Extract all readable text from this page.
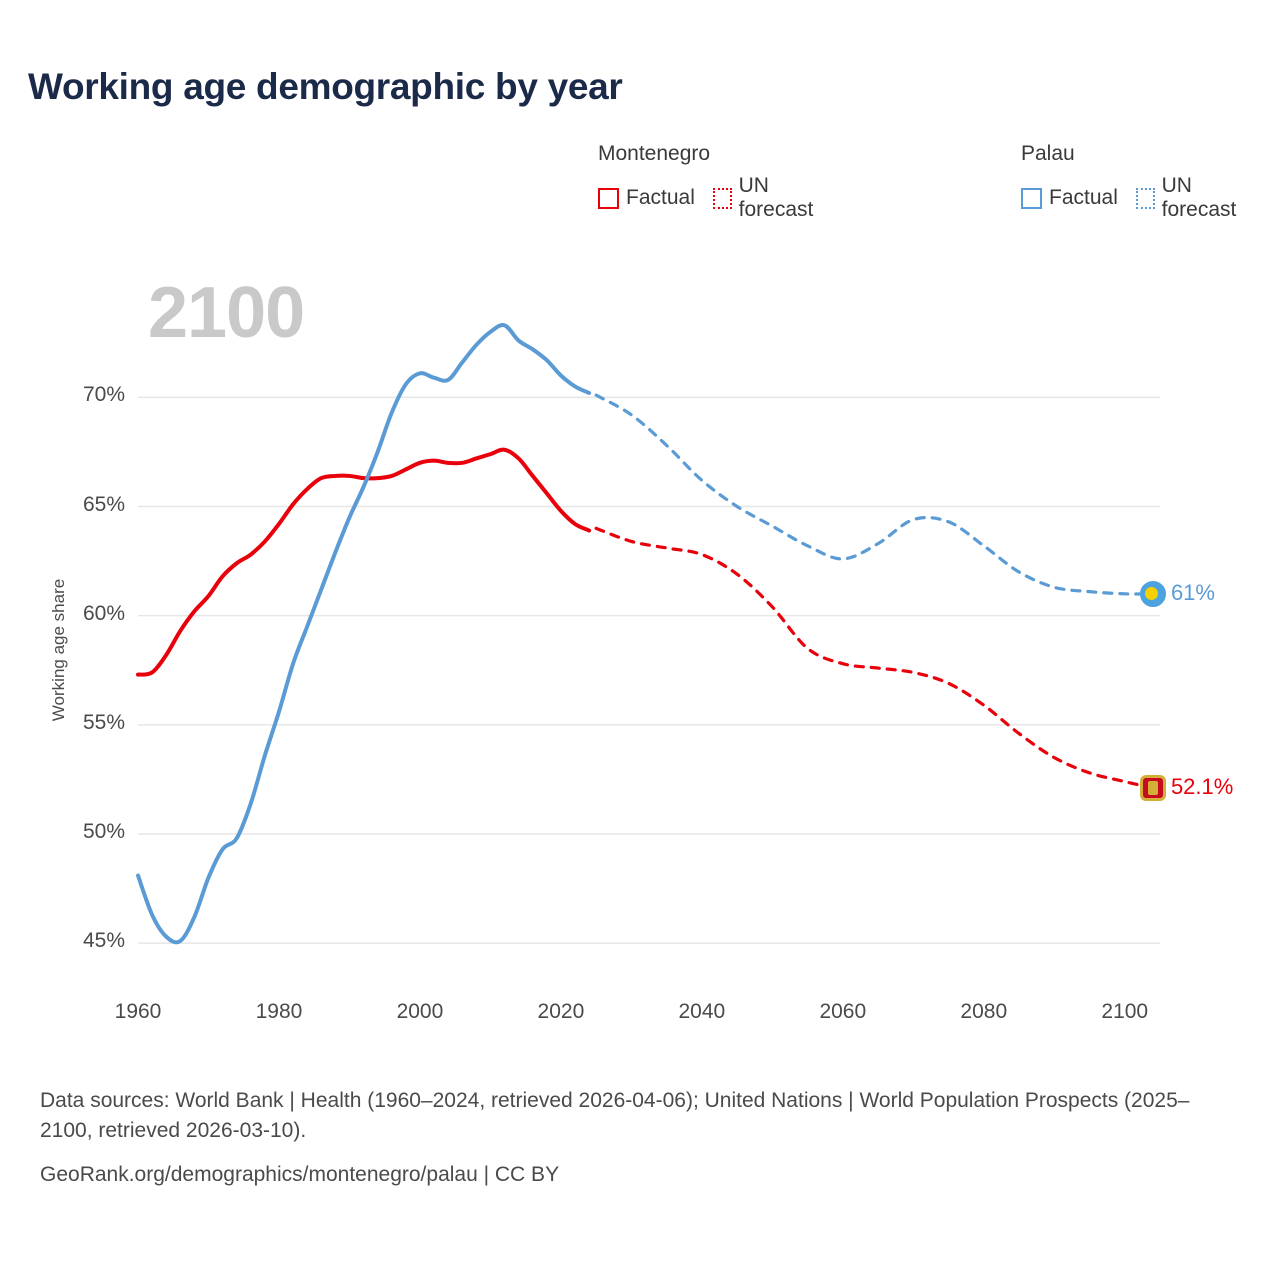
Working age demographic by year
Montenegro
Factual
UN forecast
Palau
Factual
UN forecast
2100
Working age share
45%
50%
55%
60%
65%
70%
1960	1980	2000	2020	2040	2060	2080	2100
61%
52.1%
Data sources: World Bank | Health (1960–2024, retrieved 2026-04-06); United Nations | World Population Prospects (2025–2100, retrieved 2026-03-10).
GeoRank.org/demographics/montenegro/palau | CC BY
